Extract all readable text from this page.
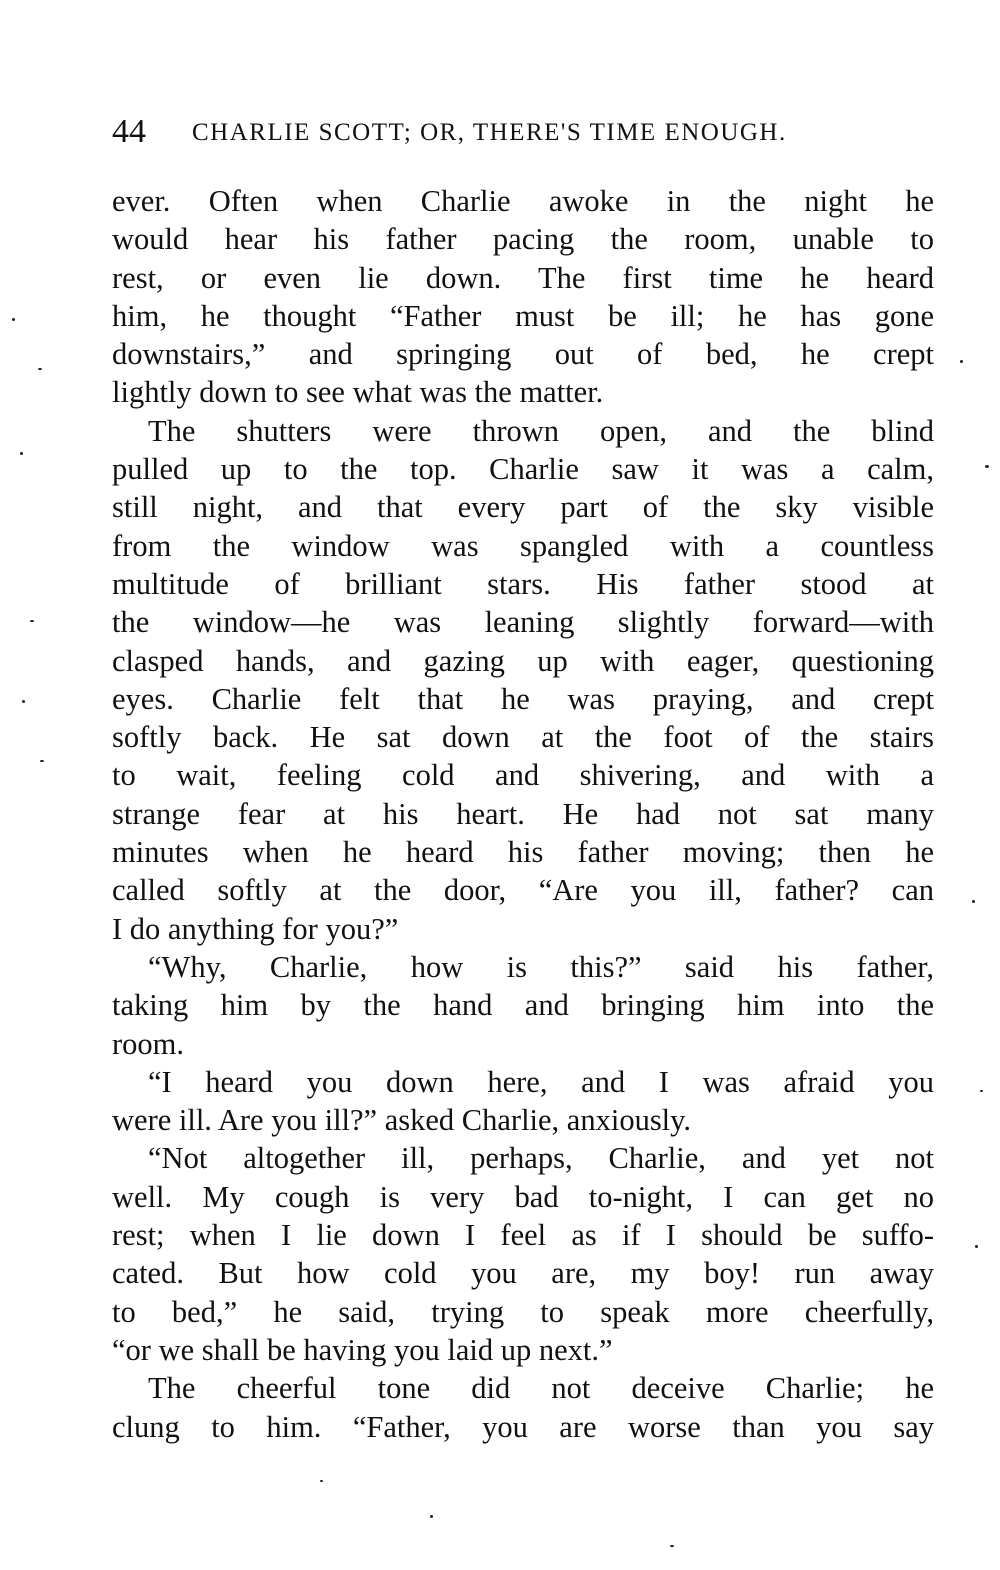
44 CHARLIE SCOTT; OR, THERE'S TIME ENOUGH.
ever. Often when Charlie awoke in the night he
would hear his father pacing the room, unable to
rest, or even lie down. The first time he heard
him, he thought “Father must be ill; he has gone
downstairs,” and springing out of bed, he crept
lightly down to see what was the matter.
The shutters were thrown open, and the blind
pulled up to the top. Charlie saw it was a calm,
still night, and that every part of the sky visible
from the window was spangled with a countless
multitude of brilliant stars. His father stood at
the window—he was leaning slightly forward—with
clasped hands, and gazing up with eager, questioning
eyes. Charlie felt that he was praying, and crept
softly back. He sat down at the foot of the stairs
to wait, feeling cold and shivering, and with a
strange fear at his heart. He had not sat many
minutes when he heard his father moving; then he
called softly at the door, “Are you ill, father? can
I do anything for you?”
“Why, Charlie, how is this?” said his father,
taking him by the hand and bringing him into the
room.
“I heard you down here, and I was afraid you
were ill. Are you ill?” asked Charlie, anxiously.
“Not altogether ill, perhaps, Charlie, and yet not
well. My cough is very bad to-night, I can get no
rest; when I lie down I feel as if I should be suffo-
cated. But how cold you are, my boy! run away
to bed,” he said, trying to speak more cheerfully,
“or we shall be having you laid up next.”
The cheerful tone did not deceive Charlie; he
clung to him. “Father, you are worse than you say
